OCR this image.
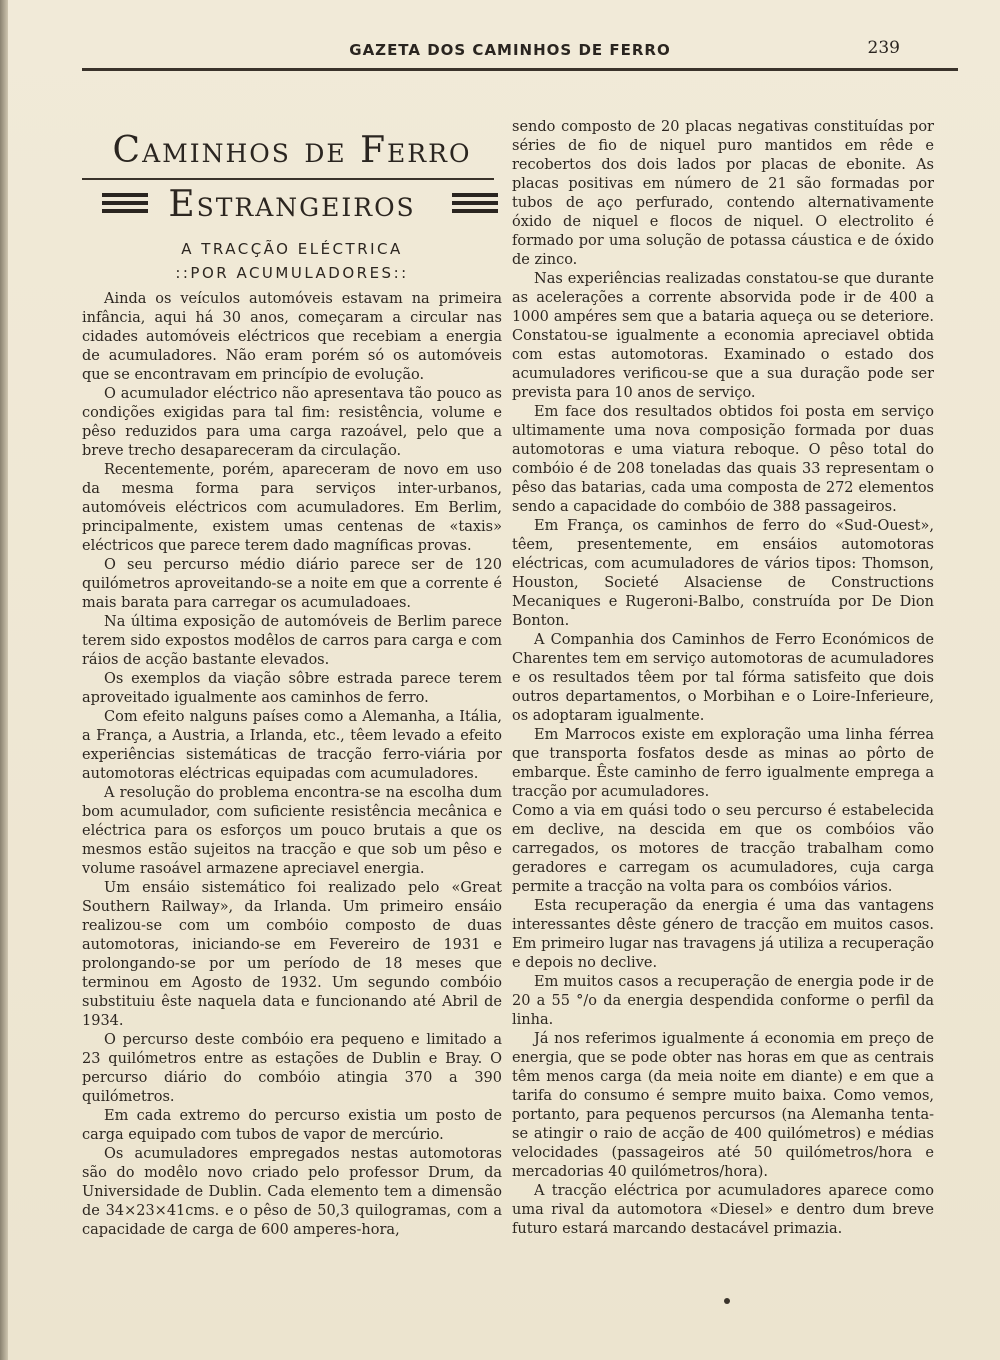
GAZETA DOS CAMINHOS DE FERRO	239
Caminhos de Ferro
Estrangeiros
A TRACÇÃO ELÉCTRICA
::POR ACUMULADORES::

Ainda os veículos automóveis estavam na primeira infância, aqui há 30 anos, começaram a circular nas cidades automóveis eléctricos que recebiam a energia de acumuladores. Não eram porém só os automóveis que se encontravam em princípio de evolução.

O acumulador eléctrico não apresentava tão pouco as condições exigidas para tal fim: resistência, volume e pêso reduzidos para uma carga razoável, pelo que a breve trecho desapareceram da circulação.

Recentemente, porém, apareceram de novo em uso da mesma forma para serviços inter-urbanos, automóveis eléctricos com acumuladores. Em Berlim, principalmente, existem umas centenas de «taxis» eléctricos que parece terem dado magníficas provas.

O seu percurso médio diário parece ser de 120 quilómetros aproveitando-se a noite em que a corrente é mais barata para carregar os acumuladoaes.

Na última exposição de automóveis de Berlim parece terem sido expostos modêlos de carros para carga e com ráios de acção bastante elevados.

Os exemplos da viação sôbre estrada parece terem aproveitado igualmente aos caminhos de ferro.

Com efeito nalguns países como a Alemanha, a Itália, a França, a Austria, a Irlanda, etc., têem levado a efeito experiências sistemáticas de tracção ferro-viária por automotoras eléctricas equipadas com acumuladores.

A resolução do problema encontra-se na escolha dum bom acumulador, com suficiente resistência mecânica e eléctrica para os esforços um pouco brutais a que os mesmos estão sujeitos na tracção e que sob um pêso e volume rasoável armazene apreciavel energia.

Um ensáio sistemático foi realizado pelo «Great Southern Railway», da Irlanda. Um primeiro ensáio realizou-se com um combóio composto de duas automotoras, iniciando-se em Fevereiro de 1931 e prolongando-se por um período de 18 meses que terminou em Agosto de 1932. Um segundo combóio substituiu êste naquela data e funcionando até Abril de 1934.

O percurso deste combóio era pequeno e limitado a 23 quilómetros entre as estações de Dublin e Bray. O percurso diário do combóio atingia 370 a 390 quilómetros.

Em cada extremo do percurso existia um posto de carga equipado com tubos de vapor de mercúrio.

Os acumuladores empregados nestas automotoras são do modêlo novo criado pelo professor Drum, da Universidade de Dublin. Cada elemento tem a dimensão de 34×23×41cms. e o pêso de 50,3 quilogramas, com a capacidade de carga de 600 amperes-hora,

sendo composto de 20 placas negativas constituídas por séries de fio de niquel puro mantidos em rêde e recobertos dos dois lados por placas de ebonite. As placas positivas em número de 21 são formadas por tubos de aço perfurado, contendo alternativamente óxido de niquel e flocos de niquel. O electrolito é formado por uma solução de potassa cáustica e de óxido de zinco.

Nas experiências realizadas constatou-se que durante as acelerações a corrente absorvida pode ir de 400 a 1000 ampéres sem que a bataria aqueça ou se deteriore. Constatou-se igualmente a economia apreciavel obtida com estas automotoras. Examinado o estado dos acumuladores verificou-se que a sua duração pode ser prevista para 10 anos de serviço.

Em face dos resultados obtidos foi posta em serviço ultimamente uma nova composição formada por duas automotoras e uma viatura reboque. O pêso total do combóio é de 208 toneladas das quais 33 representam o pêso das batarias, cada uma composta de 272 elementos sendo a capacidade do combóio de 388 passageiros.

Em França, os caminhos de ferro do «Sud-Ouest», têem, presentemente, em ensáios automotoras eléctricas, com acumuladores de vários tipos: Thomson, Houston, Societé Alsaciense de Constructions Mecaniques e Rugeroni-Balbo, construída por De Dion Bonton.

A Companhia dos Caminhos de Ferro Económicos de Charentes tem em serviço automotoras de acumuladores e os resultados têem por tal fórma satisfeito que dois outros departamentos, o Morbihan e o Loire-Inferieure, os adoptaram igualmente.

Em Marrocos existe em exploração uma linha férrea que transporta fosfatos desde as minas ao pôrto de embarque. Êste caminho de ferro igualmente emprega a tracção por acumuladores.

Como a via em quási todo o seu percurso é estabelecida em declive, na descida em que os combóios vão carregados, os motores de tracção trabalham como geradores e carregam os acumuladores, cuja carga permite a tracção na volta para os combóios vários.

Esta recuperação da energia é uma das vantagens interessantes dêste género de tracção em muitos casos. Em primeiro lugar nas travagens já utiliza a recuperação e depois no declive.

Em muitos casos a recuperação de energia pode ir de 20 a 55 °/o da energia despendida conforme o perfil da linha.

Já nos referimos igualmente á economia em preço de energia, que se pode obter nas horas em que as centrais têm menos carga (da meia noite em diante) e em que a tarifa do consumo é sempre muito baixa. Como vemos, portanto, para pequenos percursos (na Alemanha tenta-se atingir o raio de acção de 400 quilómetros) e médias velocidades (passageiros até 50 quilómetros/hora e mercadorias 40 quilómetros/hora).

A tracção eléctrica por acumuladores aparece como uma rival da automotora «Diesel» e dentro dum breve futuro estará marcando destacável primazia.
